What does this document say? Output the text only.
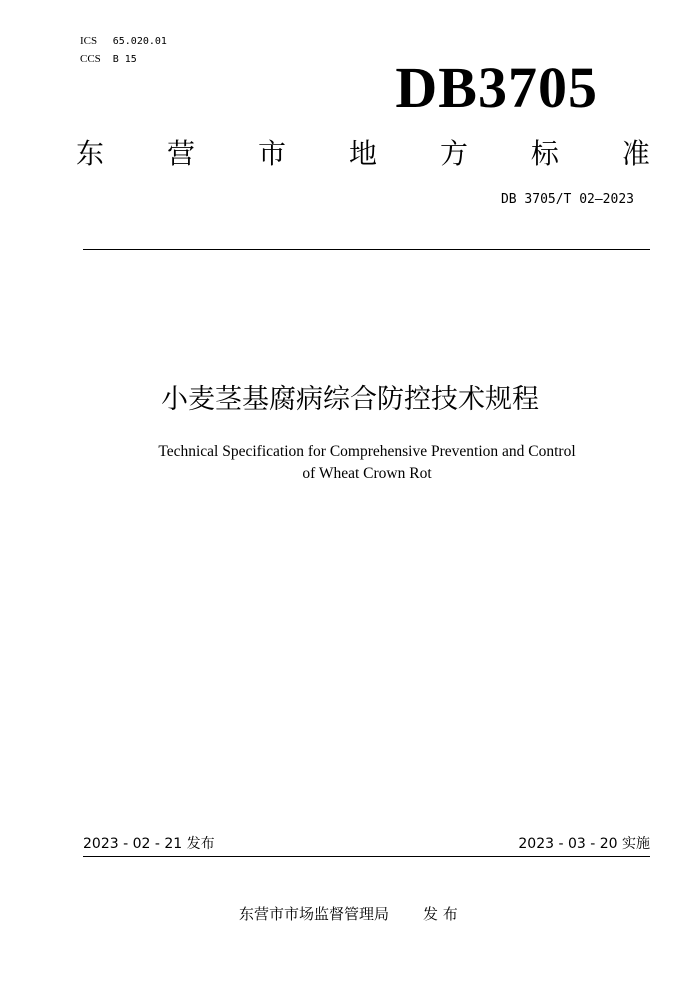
ICS 65.020.01
CCS B 15	DB3705
东 营 市 地 方 标 准
DB 3705/T 02—2023
小麦茎基腐病综合防控技术规程
Technical Specification for Comprehensive Prevention and Control
of Wheat Crown Rot
2023 - 02 - 21 发布	2023 - 03 - 20 实施
东营市市场监督管理局 发 布
